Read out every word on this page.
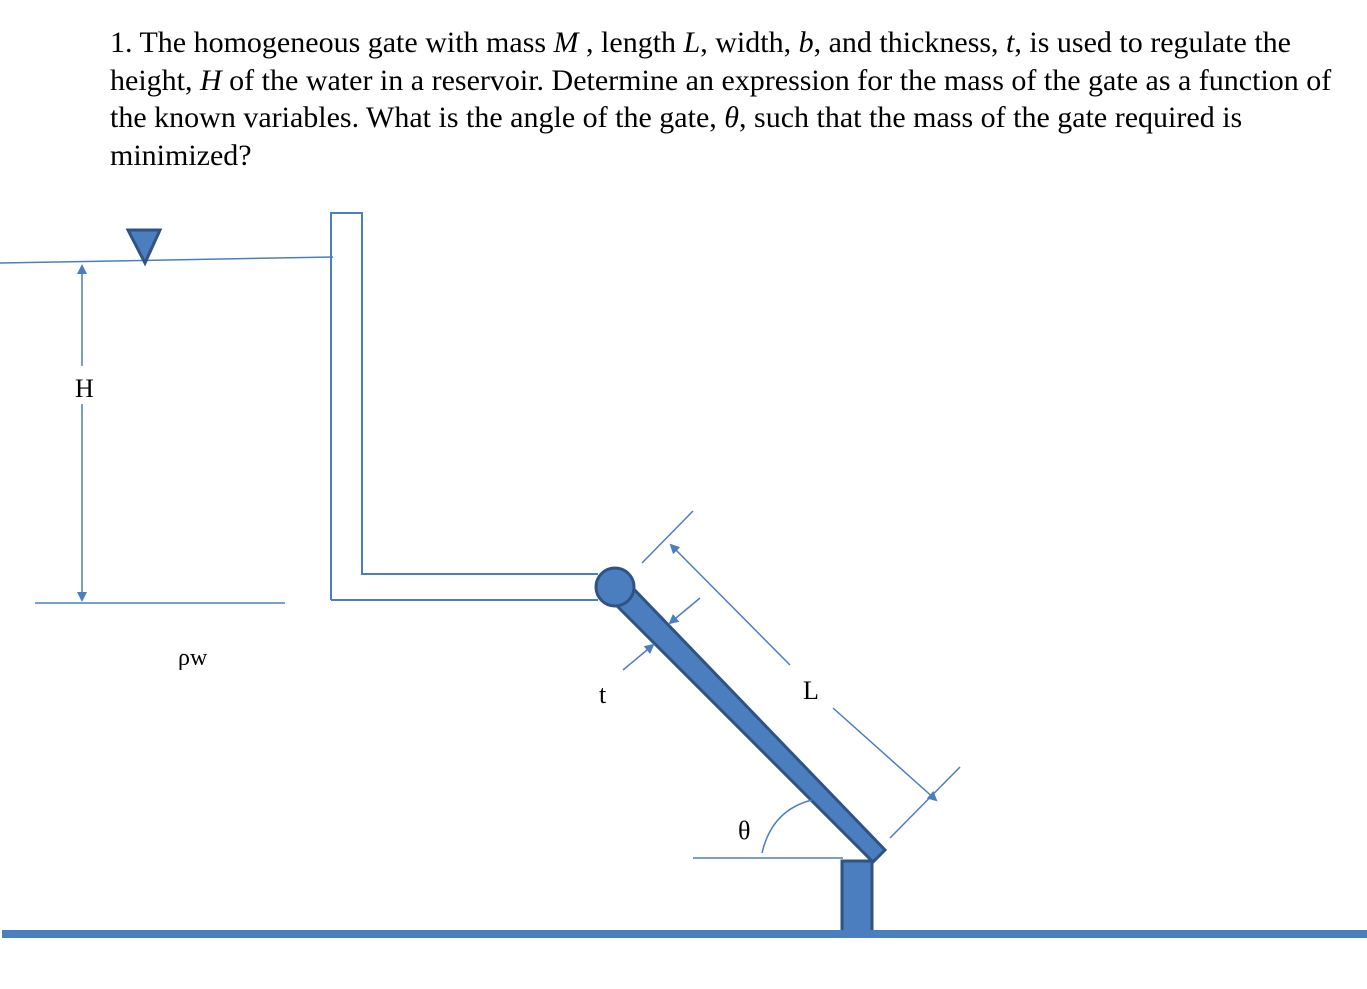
1. The homogeneous gate with mass M , length L, width, b, and thickness, t, is used to regulate the height, H of the water in a reservoir. Determine an expression for the mass of the gate as a function of the known variables. What is the angle of the gate, θ, such that the mass of the gate required is minimized?

H
ρw
L
t
θ
